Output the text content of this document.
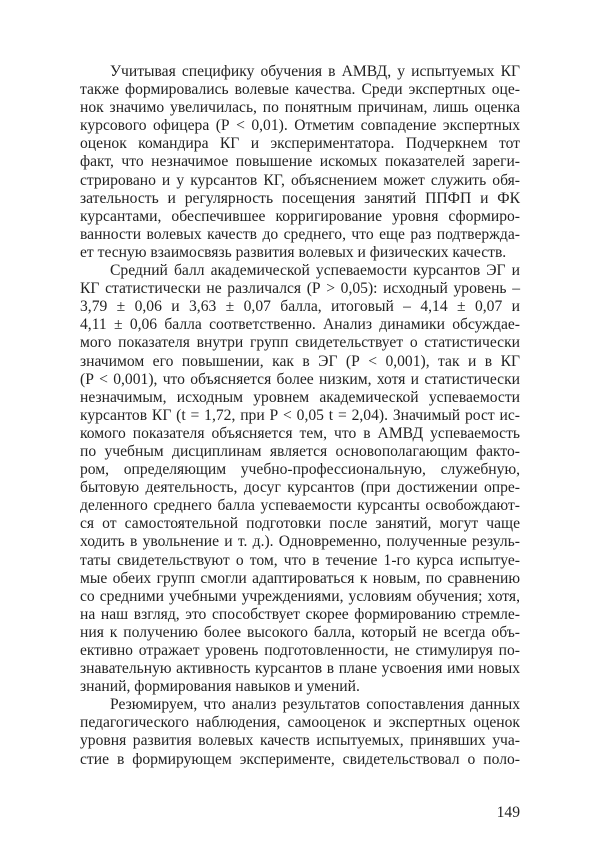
Учитывая специфику обучения в АМВД, у испытуемых КГ
также формировались волевые качества. Среди экспертных оце-
нок значимо увеличилась, по понятным причинам, лишь оценка
курсового офицера (Р < 0,01). Отметим совпадение экспертных
оценок командира КГ и экспериментатора. Подчеркнем тот
факт, что незначимое повышение искомых показателей зареги-
стрировано и у курсантов КГ, объяснением может служить обя-
зательность и регулярность посещения занятий ППФП и ФК
курсантами, обеспечившее корригирование уровня сформиро-
ванности волевых качеств до среднего, что еще раз подтвержда-
ет тесную взаимосвязь развития волевых и физических качеств.
Средний балл академической успеваемости курсантов ЭГ и
КГ статистически не различался (Р > 0,05): исходный уровень –
3,79 ± 0,06 и 3,63 ± 0,07 балла, итоговый – 4,14 ± 0,07 и
4,11 ± 0,06 балла соответственно. Анализ динамики обсуждае-
мого показателя внутри групп свидетельствует о статистически
значимом его повышении, как в ЭГ (Р < 0,001), так и в КГ
(Р < 0,001), что объясняется более низким, хотя и статистически
незначимым, исходным уровнем академической успеваемости
курсантов КГ (t = 1,72, при Р < 0,05 t = 2,04). Значимый рост ис-
комого показателя объясняется тем, что в АМВД успеваемость
по учебным дисциплинам является основополагающим факто-
ром, определяющим учебно-профессиональную, служебную,
бытовую деятельность, досуг курсантов (при достижении опре-
деленного среднего балла успеваемости курсанты освобождают-
ся от самостоятельной подготовки после занятий, могут чаще
ходить в увольнение и т. д.). Одновременно, полученные резуль-
таты свидетельствуют о том, что в течение 1-го курса испытуе-
мые обеих групп смогли адаптироваться к новым, по сравнению
со средними учебными учреждениями, условиям обучения; хотя,
на наш взгляд, это способствует скорее формированию стремле-
ния к получению более высокого балла, который не всегда объ-
ективно отражает уровень подготовленности, не стимулируя по-
знавательную активность курсантов в плане усвоения ими новых
знаний, формирования навыков и умений.
Резюмируем, что анализ результатов сопоставления данных
педагогического наблюдения, самооценок и экспертных оценок
уровня развития волевых качеств испытуемых, принявших уча-
стие в формирующем эксперименте, свидетельствовал о поло-
149
